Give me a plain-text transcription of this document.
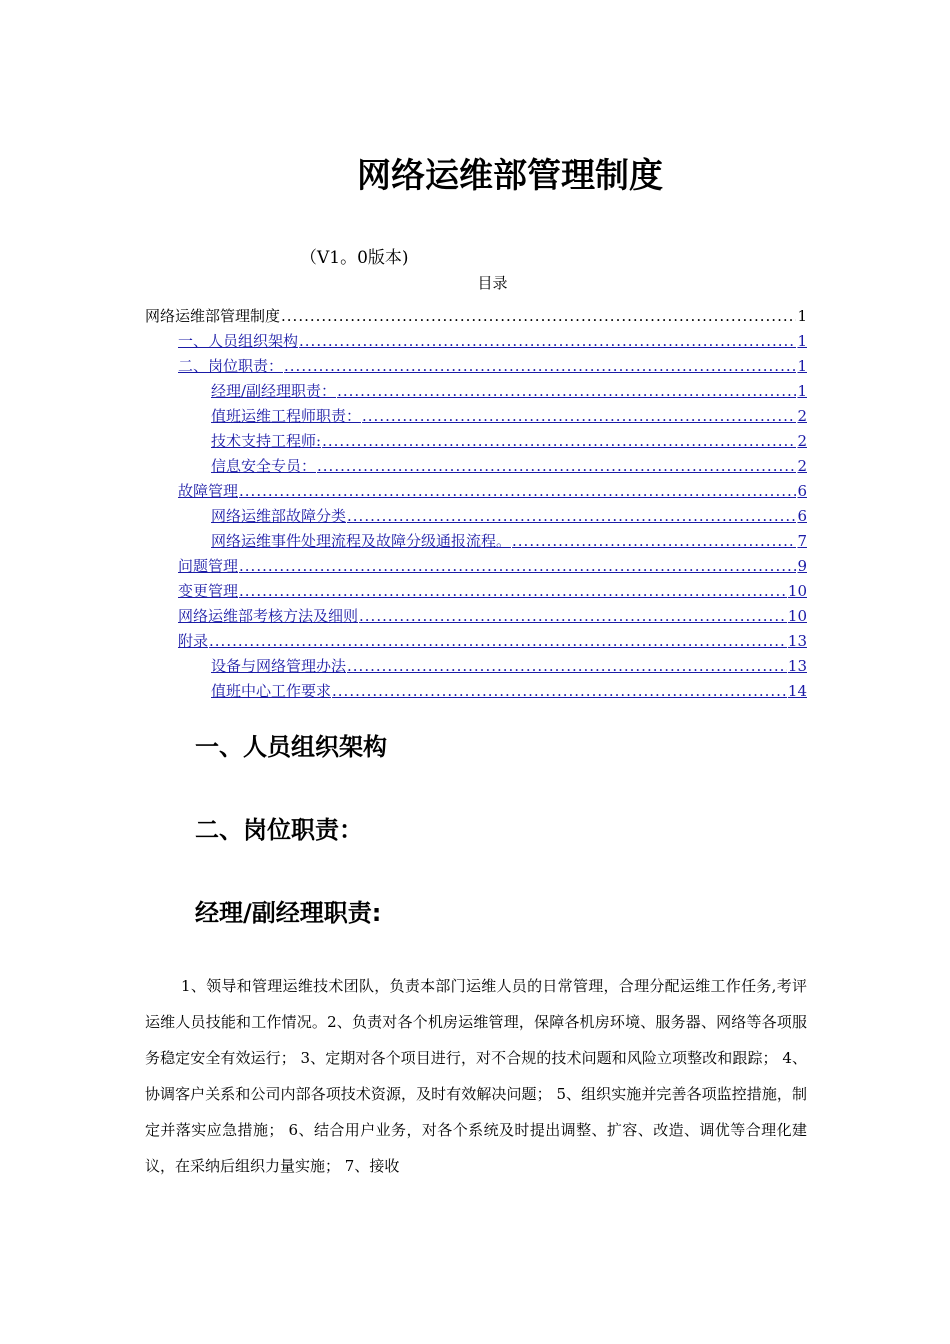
网络运维部管理制度
（V1。0版本)
目录
网络运维部管理制度 .....	1
一、人员组织架构 .....	1
二、岗位职责： .....	1
经理/副经理职责： .....	1
值班运维工程师职责： .....	2
技术支持工程师: .....	2
信息安全专员： .....	2
故障管理 .....	6
网络运维部故障分类 .....	6
网络运维事件处理流程及故障分级通报流程。 .....	7
问题管理 .....	9
变更管理 .....	10
网络运维部考核方法及细则 .....	10
附录 .....	13
设备与网络管理办法 .....	13
值班中心工作要求 .....	14
一、人员组织架构
二、岗位职责：
经理/副经理职责:

1、领导和管理运维技术团队，负责本部门运维人员的日常管理，合理分配运维工作任务,考评运维人员技能和工作情况。2、负责对各个机房运维管理，保障各机房环境、服务器、网络等各项服务稳定安全有效运行； 3、定期对各个项目进行，对不合规的技术问题和风险立项整改和跟踪； 4、协调客户关系和公司内部各项技术资源，及时有效解决问题； 5、组织实施并完善各项监控措施，制定并落实应急措施； 6、结合用户业务，对各个系统及时提出调整、扩容、改造、调优等合理化建议，在采纳后组织力量实施； 7、接收
